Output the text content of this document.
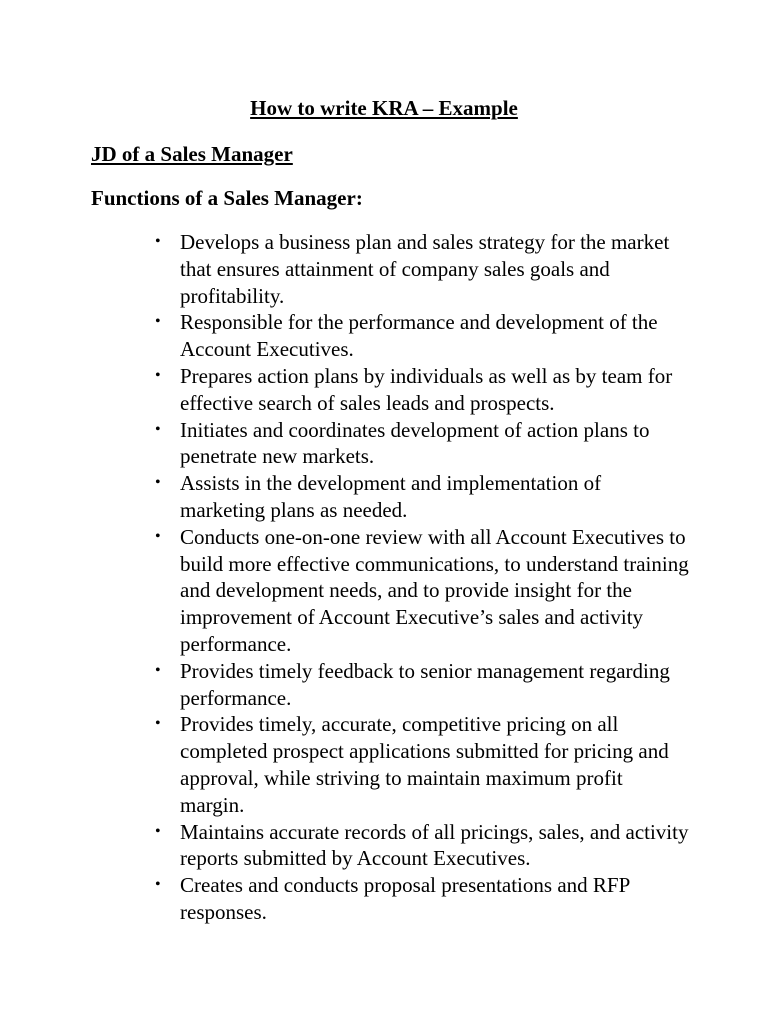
How to write KRA – Example
JD of a Sales Manager
Functions of a Sales Manager:
• Develops a business plan and sales strategy for the market that ensures attainment of company sales goals and profitability.
• Responsible for the performance and development of the Account Executives.
• Prepares action plans by individuals as well as by team for effective search of sales leads and prospects.
• Initiates and coordinates development of action plans to penetrate new markets.
• Assists in the development and implementation of marketing plans as needed.
• Conducts one-on-one review with all Account Executives to build more effective communications, to understand training and development needs, and to provide insight for the improvement of Account Executive’s sales and activity performance.
• Provides timely feedback to senior management regarding performance.
• Provides timely, accurate, competitive pricing on all completed prospect applications submitted for pricing and approval, while striving to maintain maximum profit margin.
• Maintains accurate records of all pricings, sales, and activity reports submitted by Account Executives.
• Creates and conducts proposal presentations and RFP responses.
